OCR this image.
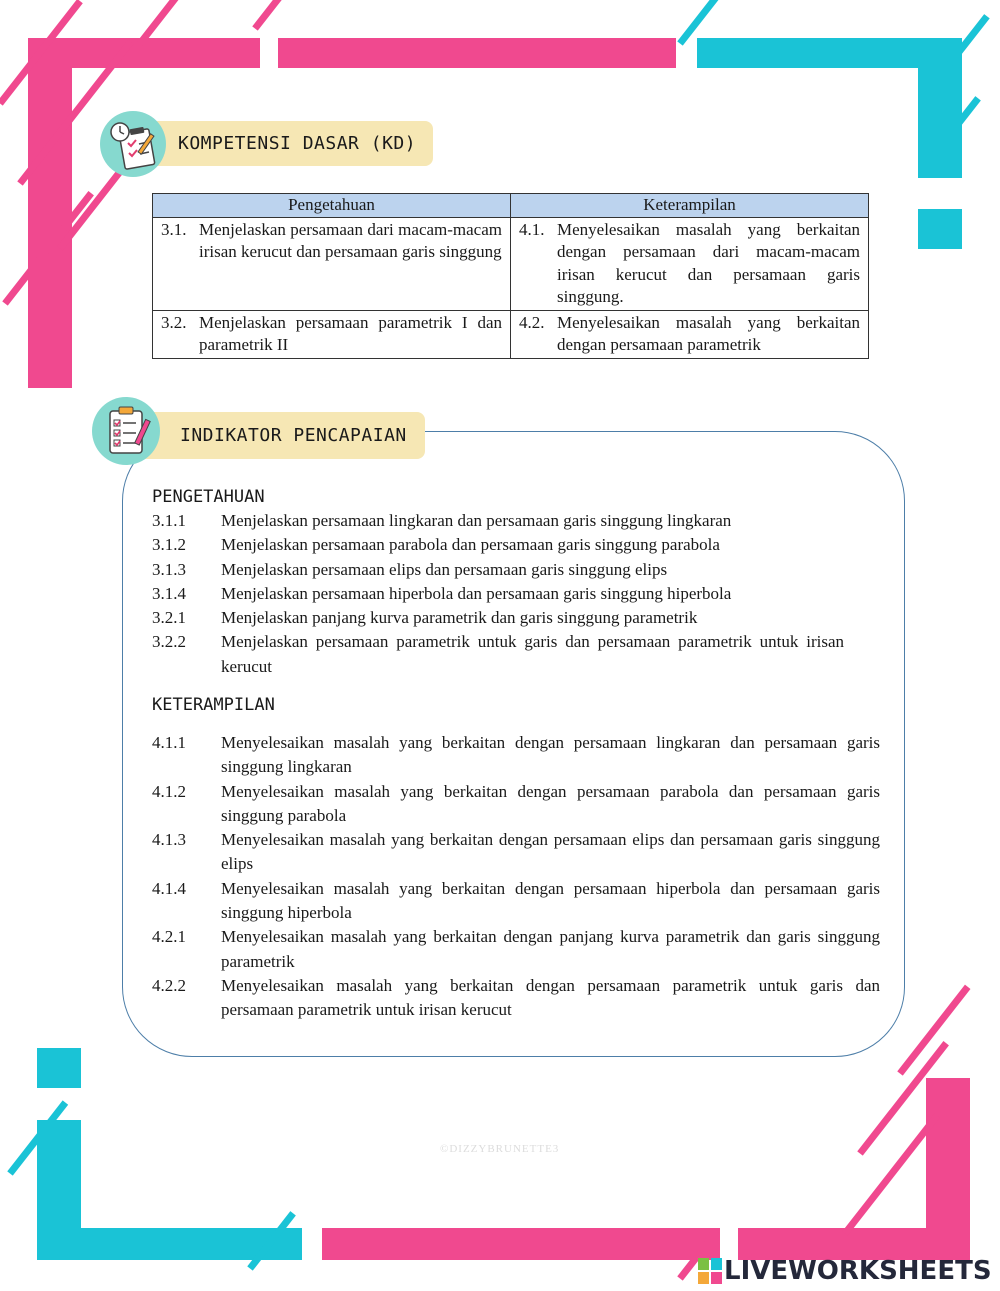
KOMPETENSI DASAR (KD)
Pengetahuan	Keterampilan

3.1. Menjelaskan persamaan dari macam-macam irisan kerucut dan persamaan garis singgung	4.1. Menyelesaikan masalah yang berkaitan dengan persamaan dari macam-macam irisan kerucut dan persamaan garis singgung.

3.2. Menjelaskan persamaan parametrik I dan parametrik II	4.2. Menyelesaikan masalah yang berkaitan dengan persamaan parametrik
INDIKATOR PENCAPAIAN
PENGETAHUAN
3.1.1	Menjelaskan persamaan lingkaran dan persamaan garis singgung lingkaran
3.1.2	Menjelaskan persamaan parabola dan persamaan garis singgung parabola
3.1.3	Menjelaskan persamaan elips dan persamaan garis singgung elips
3.1.4	Menjelaskan persamaan hiperbola dan persamaan garis singgung hiperbola
3.2.1	Menjelaskan panjang kurva parametrik dan garis singgung parametrik
3.2.2	Menjelaskan persamaan parametrik untuk garis dan persamaan parametrik untuk irisan kerucut
KETERAMPILAN
4.1.1	Menyelesaikan masalah yang berkaitan dengan persamaan lingkaran dan persamaan garis singgung lingkaran
4.1.2	Menyelesaikan masalah yang berkaitan dengan persamaan parabola dan persamaan garis singgung parabola
4.1.3	Menyelesaikan masalah yang berkaitan dengan persamaan elips dan persamaan garis singgung elips
4.1.4	Menyelesaikan masalah yang berkaitan dengan persamaan hiperbola dan persamaan garis singgung hiperbola
4.2.1	Menyelesaikan masalah yang berkaitan dengan panjang kurva parametrik dan garis singgung parametrik
4.2.2	Menyelesaikan masalah yang berkaitan dengan persamaan parametrik untuk garis dan persamaan parametrik untuk irisan kerucut
©DIZZYBRUNETTE3
LIVEWORKSHEETS
